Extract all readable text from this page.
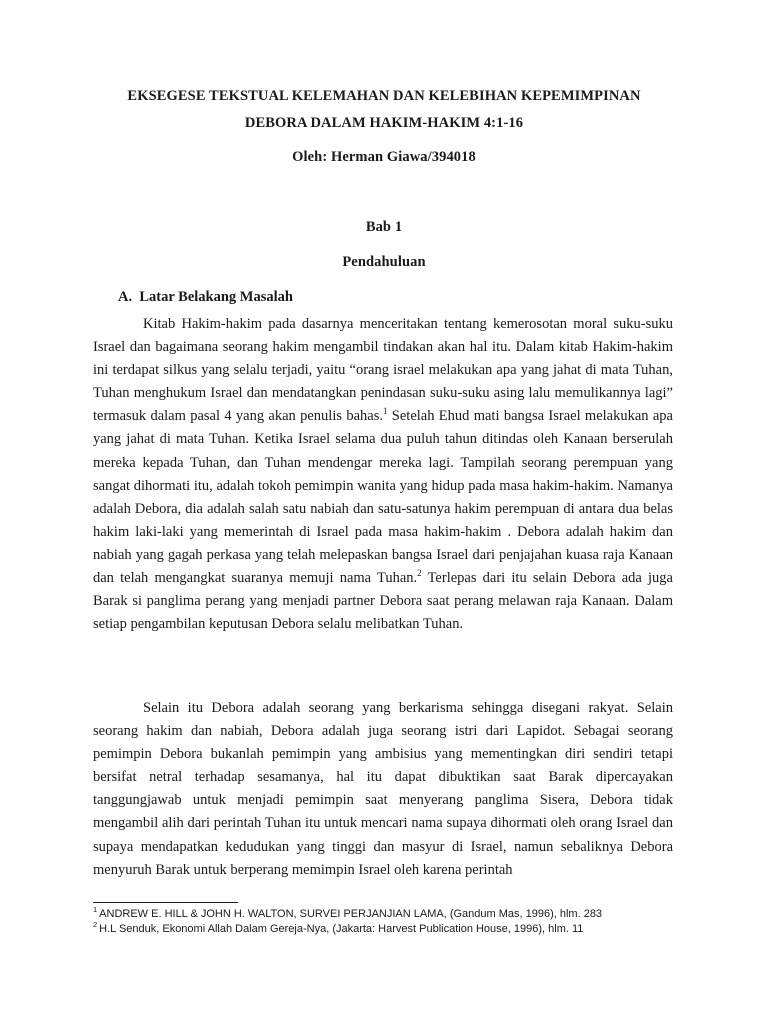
EKSEGESE TEKSTUAL KELEMAHAN DAN KELEBIHAN KEPEMIMPINAN
DEBORA DALAM HAKIM-HAKIM 4:1-16
Oleh: Herman Giawa/394018
Bab 1
Pendahuluan
A. Latar Belakang Masalah
Kitab Hakim-hakim pada dasarnya menceritakan tentang kemerosotan moral suku-suku Israel dan bagaimana seorang hakim mengambil tindakan akan hal itu. Dalam kitab Hakim-hakim ini terdapat silkus yang selalu terjadi, yaitu “orang israel melakukan apa yang jahat di mata Tuhan, Tuhan menghukum Israel dan mendatangkan penindasan suku-suku asing lalu memulikannya lagi” termasuk dalam pasal 4 yang akan penulis bahas.$^1$ Setelah Ehud mati bangsa Israel melakukan apa yang jahat di mata Tuhan. Ketika Israel selama dua puluh tahun ditindas oleh Kanaan berserulah mereka kepada Tuhan, dan Tuhan mendengar mereka lagi. Tampilah seorang perempuan yang sangat dihormati itu, adalah tokoh pemimpin wanita yang hidup pada masa hakim-hakim. Namanya adalah Debora, dia adalah salah satu nabiah dan satu-satunya hakim perempuan di antara dua belas hakim laki-laki yang memerintah di Israel pada masa hakim-hakim . Debora adalah hakim dan nabiah yang gagah perkasa yang telah melepaskan bangsa Israel dari penjajahan kuasa raja Kanaan dan telah mengangkat suaranya memuji nama Tuhan.$^2$ Terlepas dari itu selain Debora ada juga Barak si panglima perang yang menjadi partner Debora saat perang melawan raja Kanaan. Dalam setiap pengambilan keputusan Debora selalu melibatkan Tuhan.
Selain itu Debora adalah seorang yang berkarisma sehingga disegani rakyat. Selain seorang hakim dan nabiah, Debora adalah juga seorang istri dari Lapidot. Sebagai seorang pemimpin Debora bukanlah pemimpin yang ambisius yang mementingkan diri sendiri tetapi bersifat netral terhadap sesamanya, hal itu dapat dibuktikan saat Barak dipercayakan tanggungjawab untuk menjadi pemimpin saat menyerang panglima Sisera, Debora tidak mengambil alih dari perintah Tuhan itu untuk mencari nama supaya dihormati oleh orang Israel dan supaya mendapatkan kedudukan yang tinggi dan masyur di Israel, namun sebaliknya Debora menyuruh Barak untuk berperang memimpin Israel oleh karena perintah
$^1$ ANDREW E. HILL & JOHN H. WALTON, SURVEI PERJANJIAN LAMA, (Gandum Mas, 1996), hlm. 283
$^2$ H.L Senduk, Ekonomi Allah Dalam Gereja-Nya, (Jakarta: Harvest Publication House, 1996), hlm. 11
